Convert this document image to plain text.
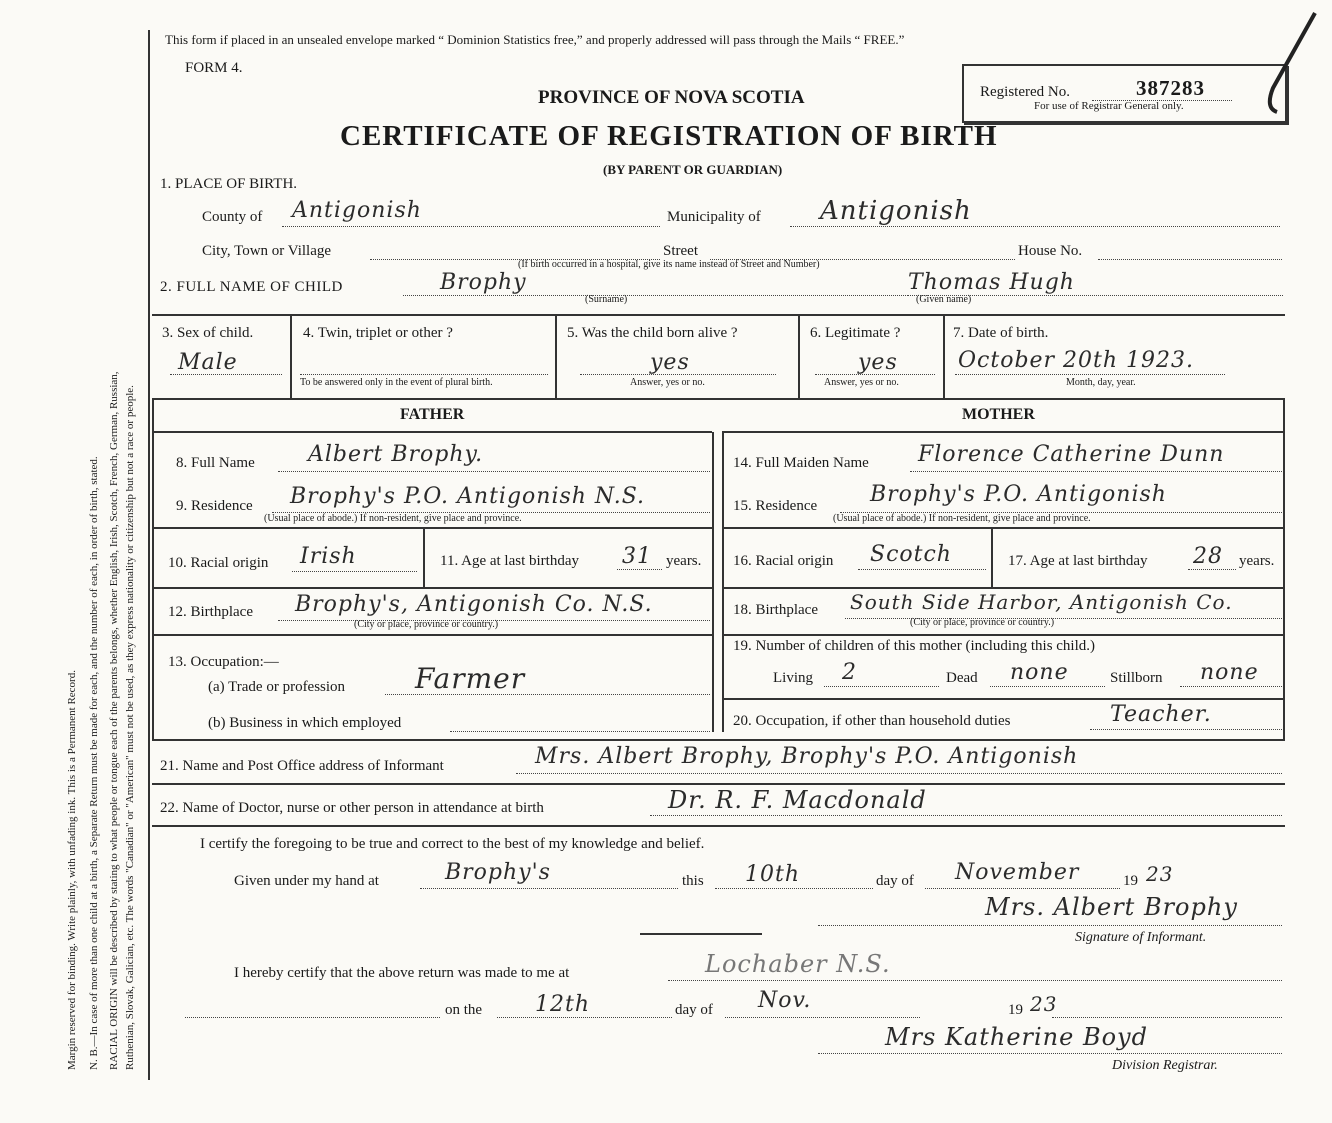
Margin reserved for binding. Write plainly, with unfading ink. This is a Permanent Record. N. B.—In case of more than one child at a birth, a Separate Return must be made for each, and the number of each, in order of birth, stated. RACIAL ORIGIN will be described by stating to what people or tongue each of the parents belongs, whether English, Irish, Scotch, French, German, Russian, Ruthenian, Slovak, Galician, etc. The words "Canadian" or "American" must not be used, as they express nationality or citizenship but not a race or people.
This form if placed in an unsealed envelope marked “ Dominion Statistics free,” and properly addressed will pass through the Mails “ FREE.”
FORM 4.
PROVINCE OF NOVA SCOTIA
CERTIFICATE OF REGISTRATION OF BIRTH
(BY PARENT OR GUARDIAN)
Registered No.	387283
For use of Registrar General only.
1. PLACE OF BIRTH.
County of Antigonish	Municipality of Antigonish
City, Town or Village	Street	House No.
(If birth occurred in a hospital, give its name instead of Street and Number)
2. FULL NAME OF CHILD	Brophy
(Surname)
Thomas Hugh
(Given name)
3. Sex of child.
Male
4. Twin, triplet or other ?
To be answered only in the event of plural birth.
5. Was the child born alive ?
yes
Answer, yes or no.
6. Legitimate ?
yes
Answer, yes or no.
7. Date of birth.
October 20th 1923.
Month, day, year.
FATHER	MOTHER
8. Full Name Albert Brophy.
9. Residence Brophy's P.O. Antigonish N.S.
(Usual place of abode.) If non-resident, give place and province.
10. Racial origin Irish	11. Age at last birthday 31 years.
12. Birthplace Brophy's, Antigonish Co. N.S.
(City or place, province or country.)
13. Occupation:—
(a) Trade or profession Farmer
(b) Business in which employed
14. Full Maiden Name Florence Catherine Dunn
15. Residence Brophy's P.O. Antigonish
(Usual place of abode.) If non-resident, give place and province.
16. Racial origin Scotch	17. Age at last birthday 28 years.
18. Birthplace South Side Harbor, Antigonish Co.
(City or place, province or country.)
19. Number of children of this mother (including this child.)
Living 2	Dead none	Stillborn none
20. Occupation, if other than household duties	Teacher.
21. Name and Post Office address of Informant	Mrs. Albert Brophy, Brophy's P.O. Antigonish
22. Name of Doctor, nurse or other person in attendance at birth	Dr. R. F. Macdonald
I certify the foregoing to be true and correct to the best of my knowledge and belief.
Given under my hand at	Brophy's	this 10th	day of November	19 23
Mrs. Albert Brophy
Signature of Informant.
I hereby certify that the above return was made to me at	Lochaber N.S.
on the 12th	day of Nov.	19 23
Mrs Katherine Boyd
Division Registrar.
